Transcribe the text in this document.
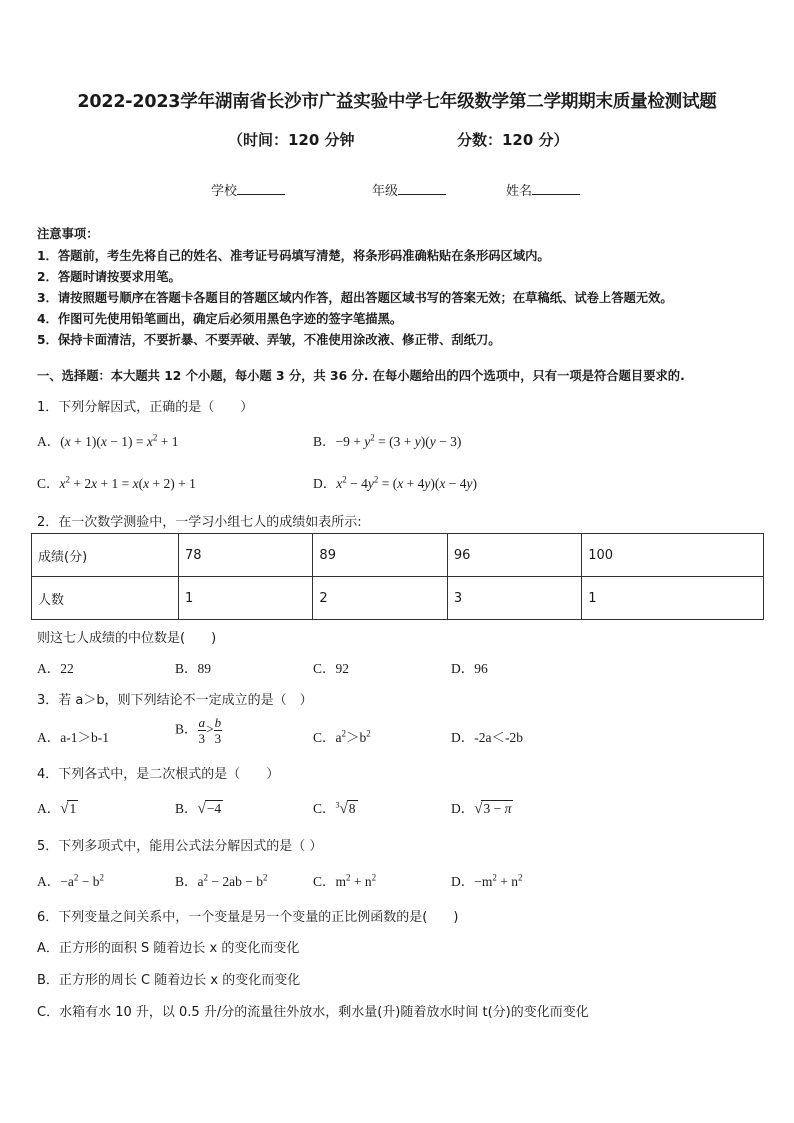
2022-2023学年湖南省长沙市广益实验中学七年级数学第二学期期末质量检测试题
（时间：120 分钟	分数：120 分）
学校	年级	姓名
注意事项：
1．答题前，考生先将自己的姓名、准考证号码填写清楚，将条形码准确粘贴在条形码区域内。
2．答题时请按要求用笔。
3．请按照题号顺序在答题卡各题目的答题区域内作答，超出答题区域书写的答案无效；在草稿纸、试卷上答题无效。
4．作图可先使用铅笔画出，确定后必须用黑色字迹的签字笔描黑。
5．保持卡面清洁，不要折暴、不要弄破、弄皱，不准使用涂改液、修正带、刮纸刀。
一、选择题：本大题共 12 个小题，每小题 3 分，共 36 分. 在每小题给出的四个选项中，只有一项是符合题目要求的.
1．下列分解因式，正确的是（　　）
A．$(x + 1)(x - 1) = x^2 + 1$	B．$-9 + y^2 = (3 + y)(y - 3)$
C．$x^2 + 2x + 1 = x(x + 2) + 1$	D．$x^2 - 4y^2 = (x + 4y)(x - 4y)$
2．在一次数学测验中，一学习小组七人的成绩如表所示:
成绩(分)	78	89	96	100
人数	1	2	3	1
则这七人成绩的中位数是(　　)
A．22	B．89	C．92	D．96
3．若 a＞b，则下列结论不一定成立的是（　）
A．a-1＞b-1
B． $\frac{a}{3} > \frac{b}{3}$	C．$a^2>b^2$	D．-2a＜-2b
4．下列各式中，是二次根式的是（　　）
A．√1	B．√−4	C．$^3$√8	D．√3 − π
5．下列多项式中，能用公式法分解因式的是（ ）
A．$-a^2 - b^2$	B．$a^2 - 2ab - b^2$	C．$m^2 + n^2$	D．$-m^2 + n^2$
6．下列变量之间关系中，一个变量是另一个变量的正比例函数的是(　　)
A．正方形的面积 S 随着边长 x 的变化而变化
B．正方形的周长 C 随着边长 x 的变化而变化
C．水箱有水 10 升，以 0.5 升/分的流量往外放水，剩水量(升)随着放水时间 t(分)的变化而变化
